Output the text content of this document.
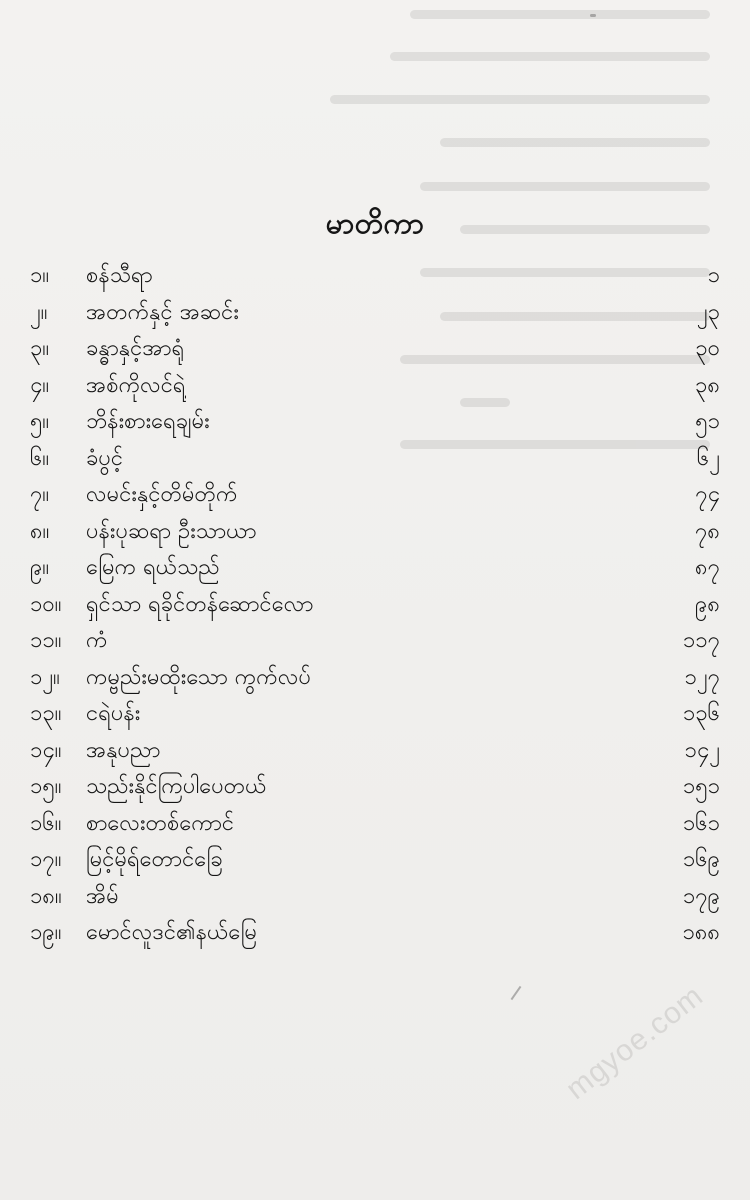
မာတိကာ
၁။	စန်သီရာ	၁
၂။	အတက်နှင့် အဆင်း	၂၃
၃။	ခန္ဓာနှင့်အာရုံ	၃၀
၄။	အစ်ကိုလင်ရဲ့	၃၈
၅။	ဘိန်းစားရေချမ်း	၅၁
၆။	ခံပွင့်	၆၂
၇။	လမင်းနှင့်တိမ်တိုက်	၇၄
၈။	ပန်းပုဆရာ ဦးသာယာ	၇၈
၉။	မြေက ရယ်သည်	၈၇
၁၀။	ရှင်သာ ရခိုင်တန်ဆောင်လော	၉၈
၁၁။	ကံ	၁၁၇
၁၂။	ကမ္ဗည်းမထိုးသော ကွက်လပ်	၁၂၇
၁၃။	ငရဲပန်း	၁၃၆
၁၄။	အနုပညာ	၁၄၂
၁၅။	သည်းနိုင်ကြပါပေတယ်	၁၅၁
၁၆။	စာလေးတစ်ကောင်	၁၆၁
၁၇။	မြင့်မိုရ်တောင်ခြေ	၁၆၉
၁၈။	အိမ်	၁၇၉
၁၉။	မောင်လူဒင်၏နယ်မြေ	၁၈၈
mgyoe.com
